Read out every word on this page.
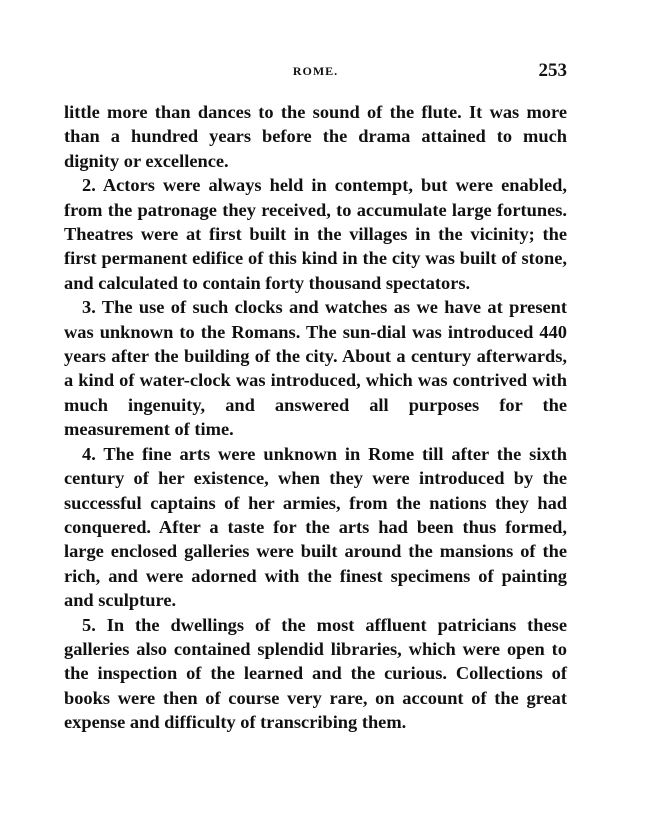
ROME.	253

little more than dances to the sound of the flute. It was more than a hundred years before the drama attained to much dignity or excellence.

2. Actors were always held in contempt, but were enabled, from the patronage they received, to accumulate large fortunes. Theatres were at first built in the villages in the vicinity; the first permanent edifice of this kind in the city was built of stone, and calculated to contain forty thousand spectators.

3. The use of such clocks and watches as we have at present was unknown to the Romans. The sun-dial was introduced 440 years after the building of the city. About a century afterwards, a kind of water-clock was introduced, which was contrived with much ingenuity, and answered all purposes for the measurement of time.

4. The fine arts were unknown in Rome till after the sixth century of her existence, when they were introduced by the successful captains of her armies, from the nations they had conquered. After a taste for the arts had been thus formed, large enclosed galleries were built around the mansions of the rich, and were adorned with the finest specimens of painting and sculpture.

5. In the dwellings of the most affluent patricians these galleries also contained splendid libraries, which were open to the inspection of the learned and the curious. Collections of books were then of course very rare, on account of the great expense and difficulty of transcribing them.
